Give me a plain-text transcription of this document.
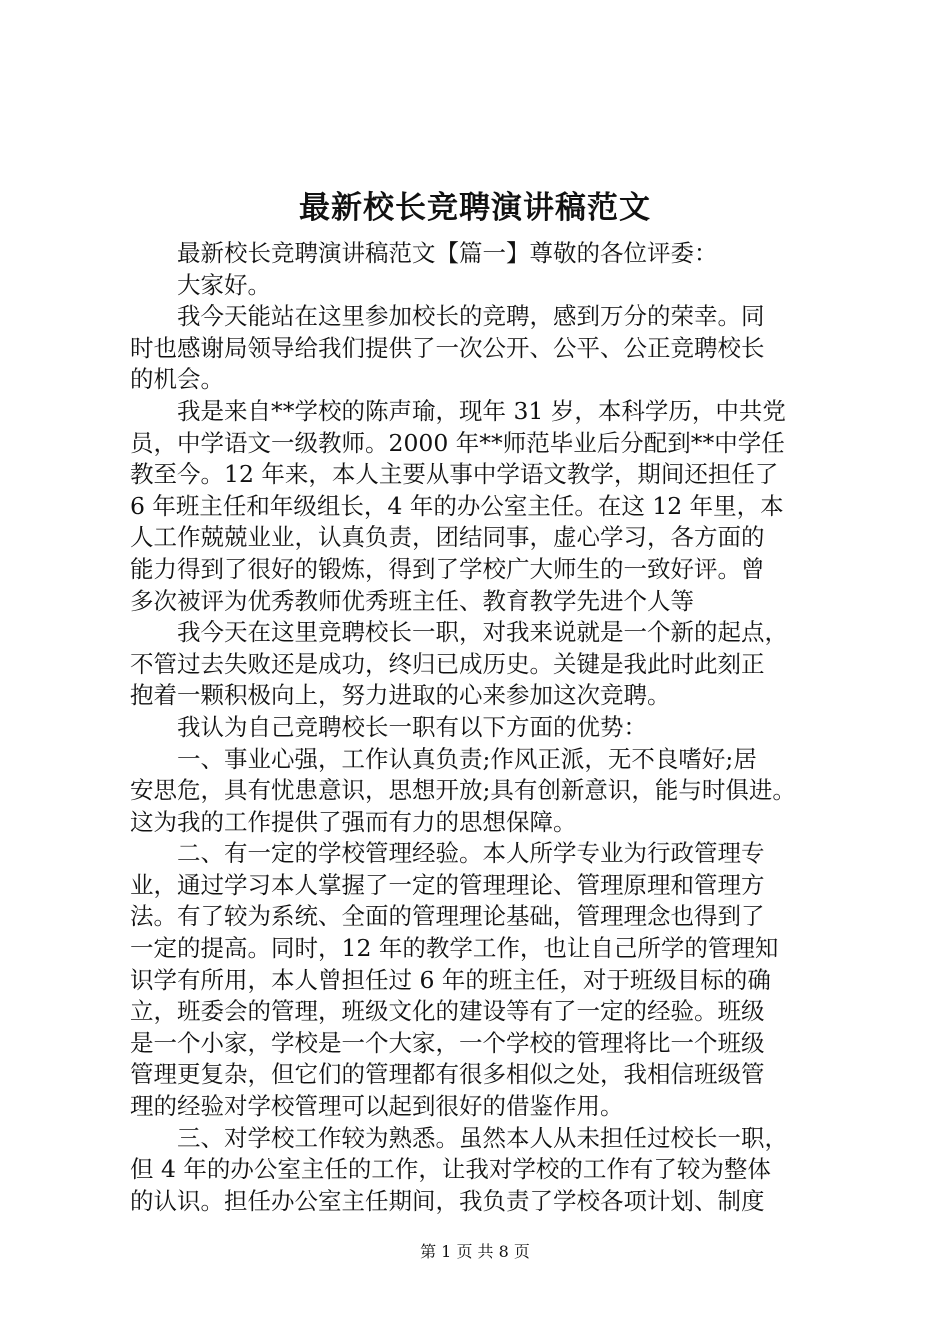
最新校长竞聘演讲稿范文
　　最新校长竞聘演讲稿范文【篇一】尊敬的各位评委：
　　大家好。
　　我今天能站在这里参加校长的竞聘，感到万分的荣幸。同
时也感谢局领导给我们提供了一次公开、公平、公正竞聘校长
的机会。
　　我是来自**学校的陈声瑜，现年 31 岁，本科学历，中共党
员，中学语文一级教师。2000 年**师范毕业后分配到**中学任
教至今。12 年来，本人主要从事中学语文教学，期间还担任了
6 年班主任和年级组长，4 年的办公室主任。在这 12 年里，本
人工作兢兢业业，认真负责，团结同事，虚心学习，各方面的
能力得到了很好的锻炼，得到了学校广大师生的一致好评。曾
多次被评为优秀教师优秀班主任、教育教学先进个人等
　　我今天在这里竞聘校长一职，对我来说就是一个新的起点，
不管过去失败还是成功，终归已成历史。关键是我此时此刻正
抱着一颗积极向上，努力进取的心来参加这次竞聘。
　　我认为自己竞聘校长一职有以下方面的优势：
　　一、事业心强，工作认真负责;作风正派，无不良嗜好;居
安思危，具有忧患意识，思想开放;具有创新意识，能与时俱进。
这为我的工作提供了强而有力的思想保障。
　　二、有一定的学校管理经验。本人所学专业为行政管理专
业，通过学习本人掌握了一定的管理理论、管理原理和管理方
法。有了较为系统、全面的管理理论基础，管理理念也得到了
一定的提高。同时，12 年的教学工作，也让自己所学的管理知
识学有所用，本人曾担任过 6 年的班主任，对于班级目标的确
立，班委会的管理，班级文化的建设等有了一定的经验。班级
是一个小家，学校是一个大家，一个学校的管理将比一个班级
管理更复杂，但它们的管理都有很多相似之处，我相信班级管
理的经验对学校管理可以起到很好的借鉴作用。
　　三、对学校工作较为熟悉。虽然本人从未担任过校长一职，
但 4 年的办公室主任的工作，让我对学校的工作有了较为整体
的认识。担任办公室主任期间，我负责了学校各项计划、制度
第 1 页 共 8 页
